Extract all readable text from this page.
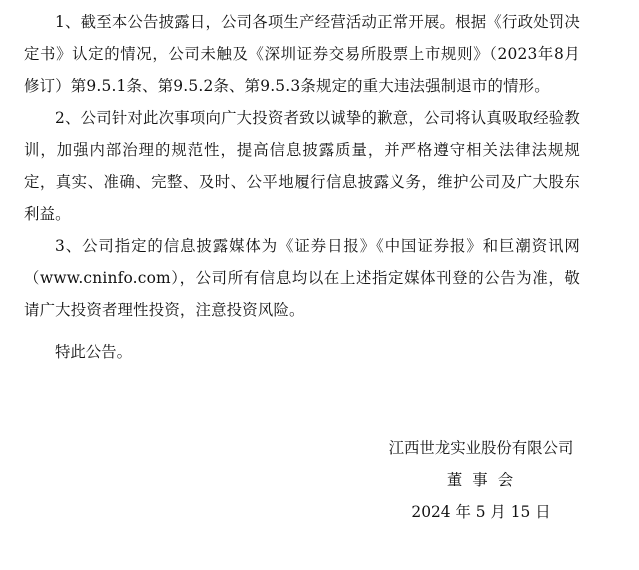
1、截至本公告披露日，公司各项生产经营活动正常开展。根据《行政处罚决定书》认定的情况，公司未触及《深圳证券交易所股票上市规则》（2023年8月修订）第9.5.1条、第9.5.2条、第9.5.3条规定的重大违法强制退市的情形。

2、公司针对此次事项向广大投资者致以诚挚的歉意，公司将认真吸取经验教训，加强内部治理的规范性，提高信息披露质量，并严格遵守相关法律法规规定，真实、准确、完整、及时、公平地履行信息披露义务，维护公司及广大股东利益。

3、公司指定的信息披露媒体为《证券日报》《中国证券报》和巨潮资讯网（www.cninfo.com），公司所有信息均以在上述指定媒体刊登的公告为准，敬请广大投资者理性投资，注意投资风险。

特此公告。

江西世龙实业股份有限公司
董事会
2024 年 5 月 15 日
